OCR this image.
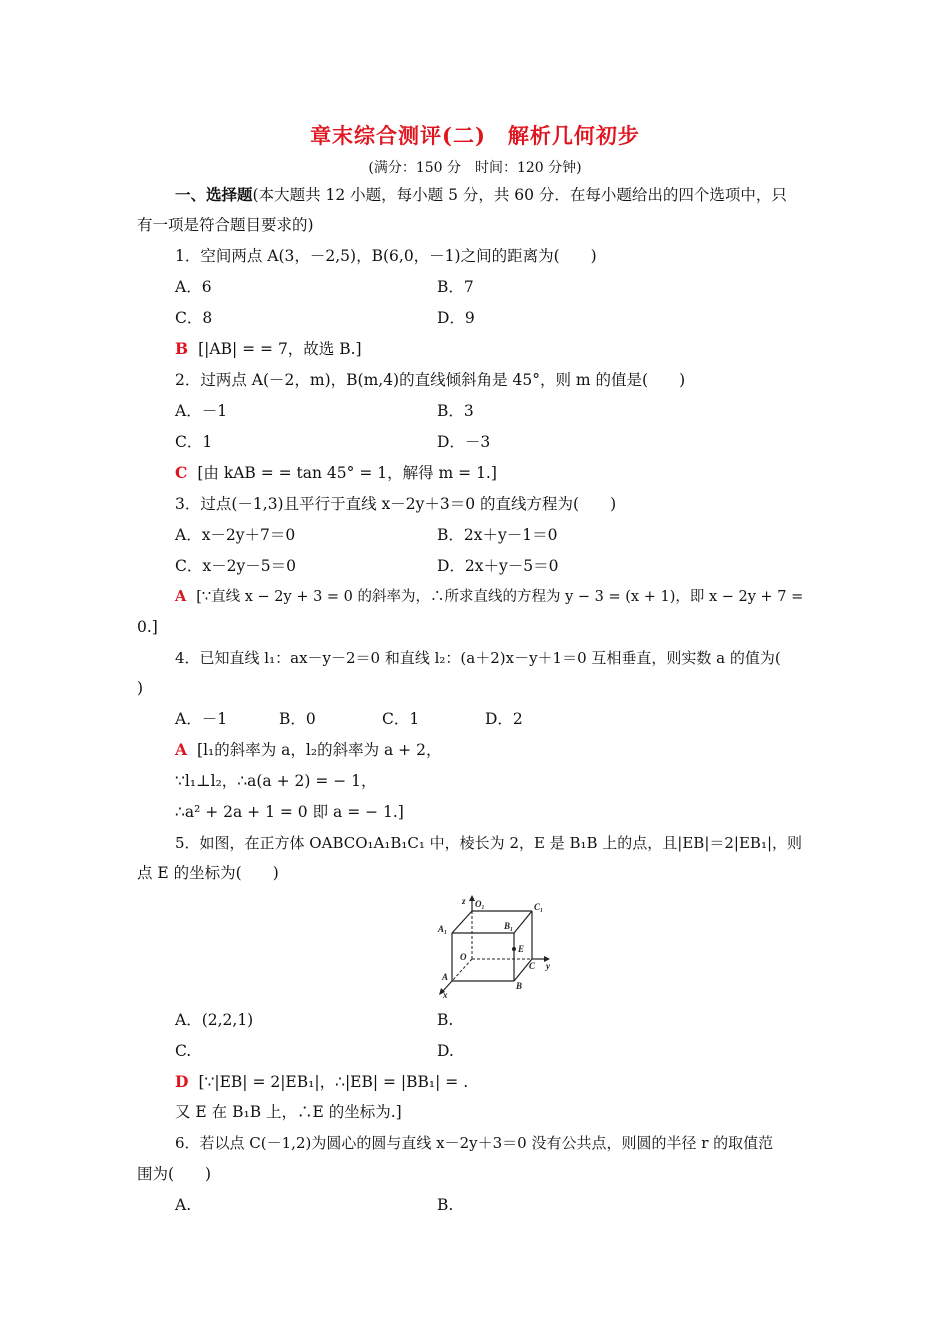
章末综合测评(二)　解析几何初步
(满分：150 分　时间：120 分钟)
一、选择题(本大题共 12 小题，每小题 5 分，共 60 分．在每小题给出的四个选项中，只
有一项是符合题目要求的)
1．空间两点 A(3，－2,5)，B(6,0，－1)之间的距离为(　　)
A．6	B．7
C．8	D．9
B [|AB| = = 7，故选 B.]
2．过两点 A(－2，m)，B(m,4)的直线倾斜角是 45°，则 m 的值是(　　)
A．－1	B．3
C．1	D．－3
C [由 kAB = = tan 45° = 1，解得 m = 1.]
3．过点(－1,3)且平行于直线 x－2y＋3＝0 的直线方程为(　　)
A．x－2y＋7＝0	B．2x＋y－1＝0
C．x－2y－5＝0	D．2x＋y－5＝0
A [∵直线 x − 2y + 3 = 0 的斜率为，∴所求直线的方程为 y − 3 = (x + 1)，即 x − 2y + 7 =
0.]
4．已知直线 l₁：ax－y－2＝0 和直线 l₂：(a＋2)x－y＋1＝0 互相垂直，则实数 a 的值为(
)
A．－1	B．0	C．1	D．2
A [l₁的斜率为 a，l₂的斜率为 a + 2，
∵l₁⊥l₂，∴a(a + 2) = − 1，
∴a² + 2a + 1 = 0 即 a = − 1.]
5．如图，在正方体 OABCO₁A₁B₁C₁ 中，棱长为 2，E 是 B₁B 上的点，且|EB|＝2|EB₁|，则
点 E 的坐标为(　　)
z O₁	C₁
A₁	B₁
E
O
C y
A
B
x
A．(2,2,1)	B.
C.	D.
D [∵|EB| = 2|EB₁|，∴|EB| = |BB₁| = .
又 E 在 B₁B 上，∴E 的坐标为.]
6．若以点 C(－1,2)为圆心的圆与直线 x－2y＋3＝0 没有公共点，则圆的半径 r 的取值范
围为(　　)
A.	B.
